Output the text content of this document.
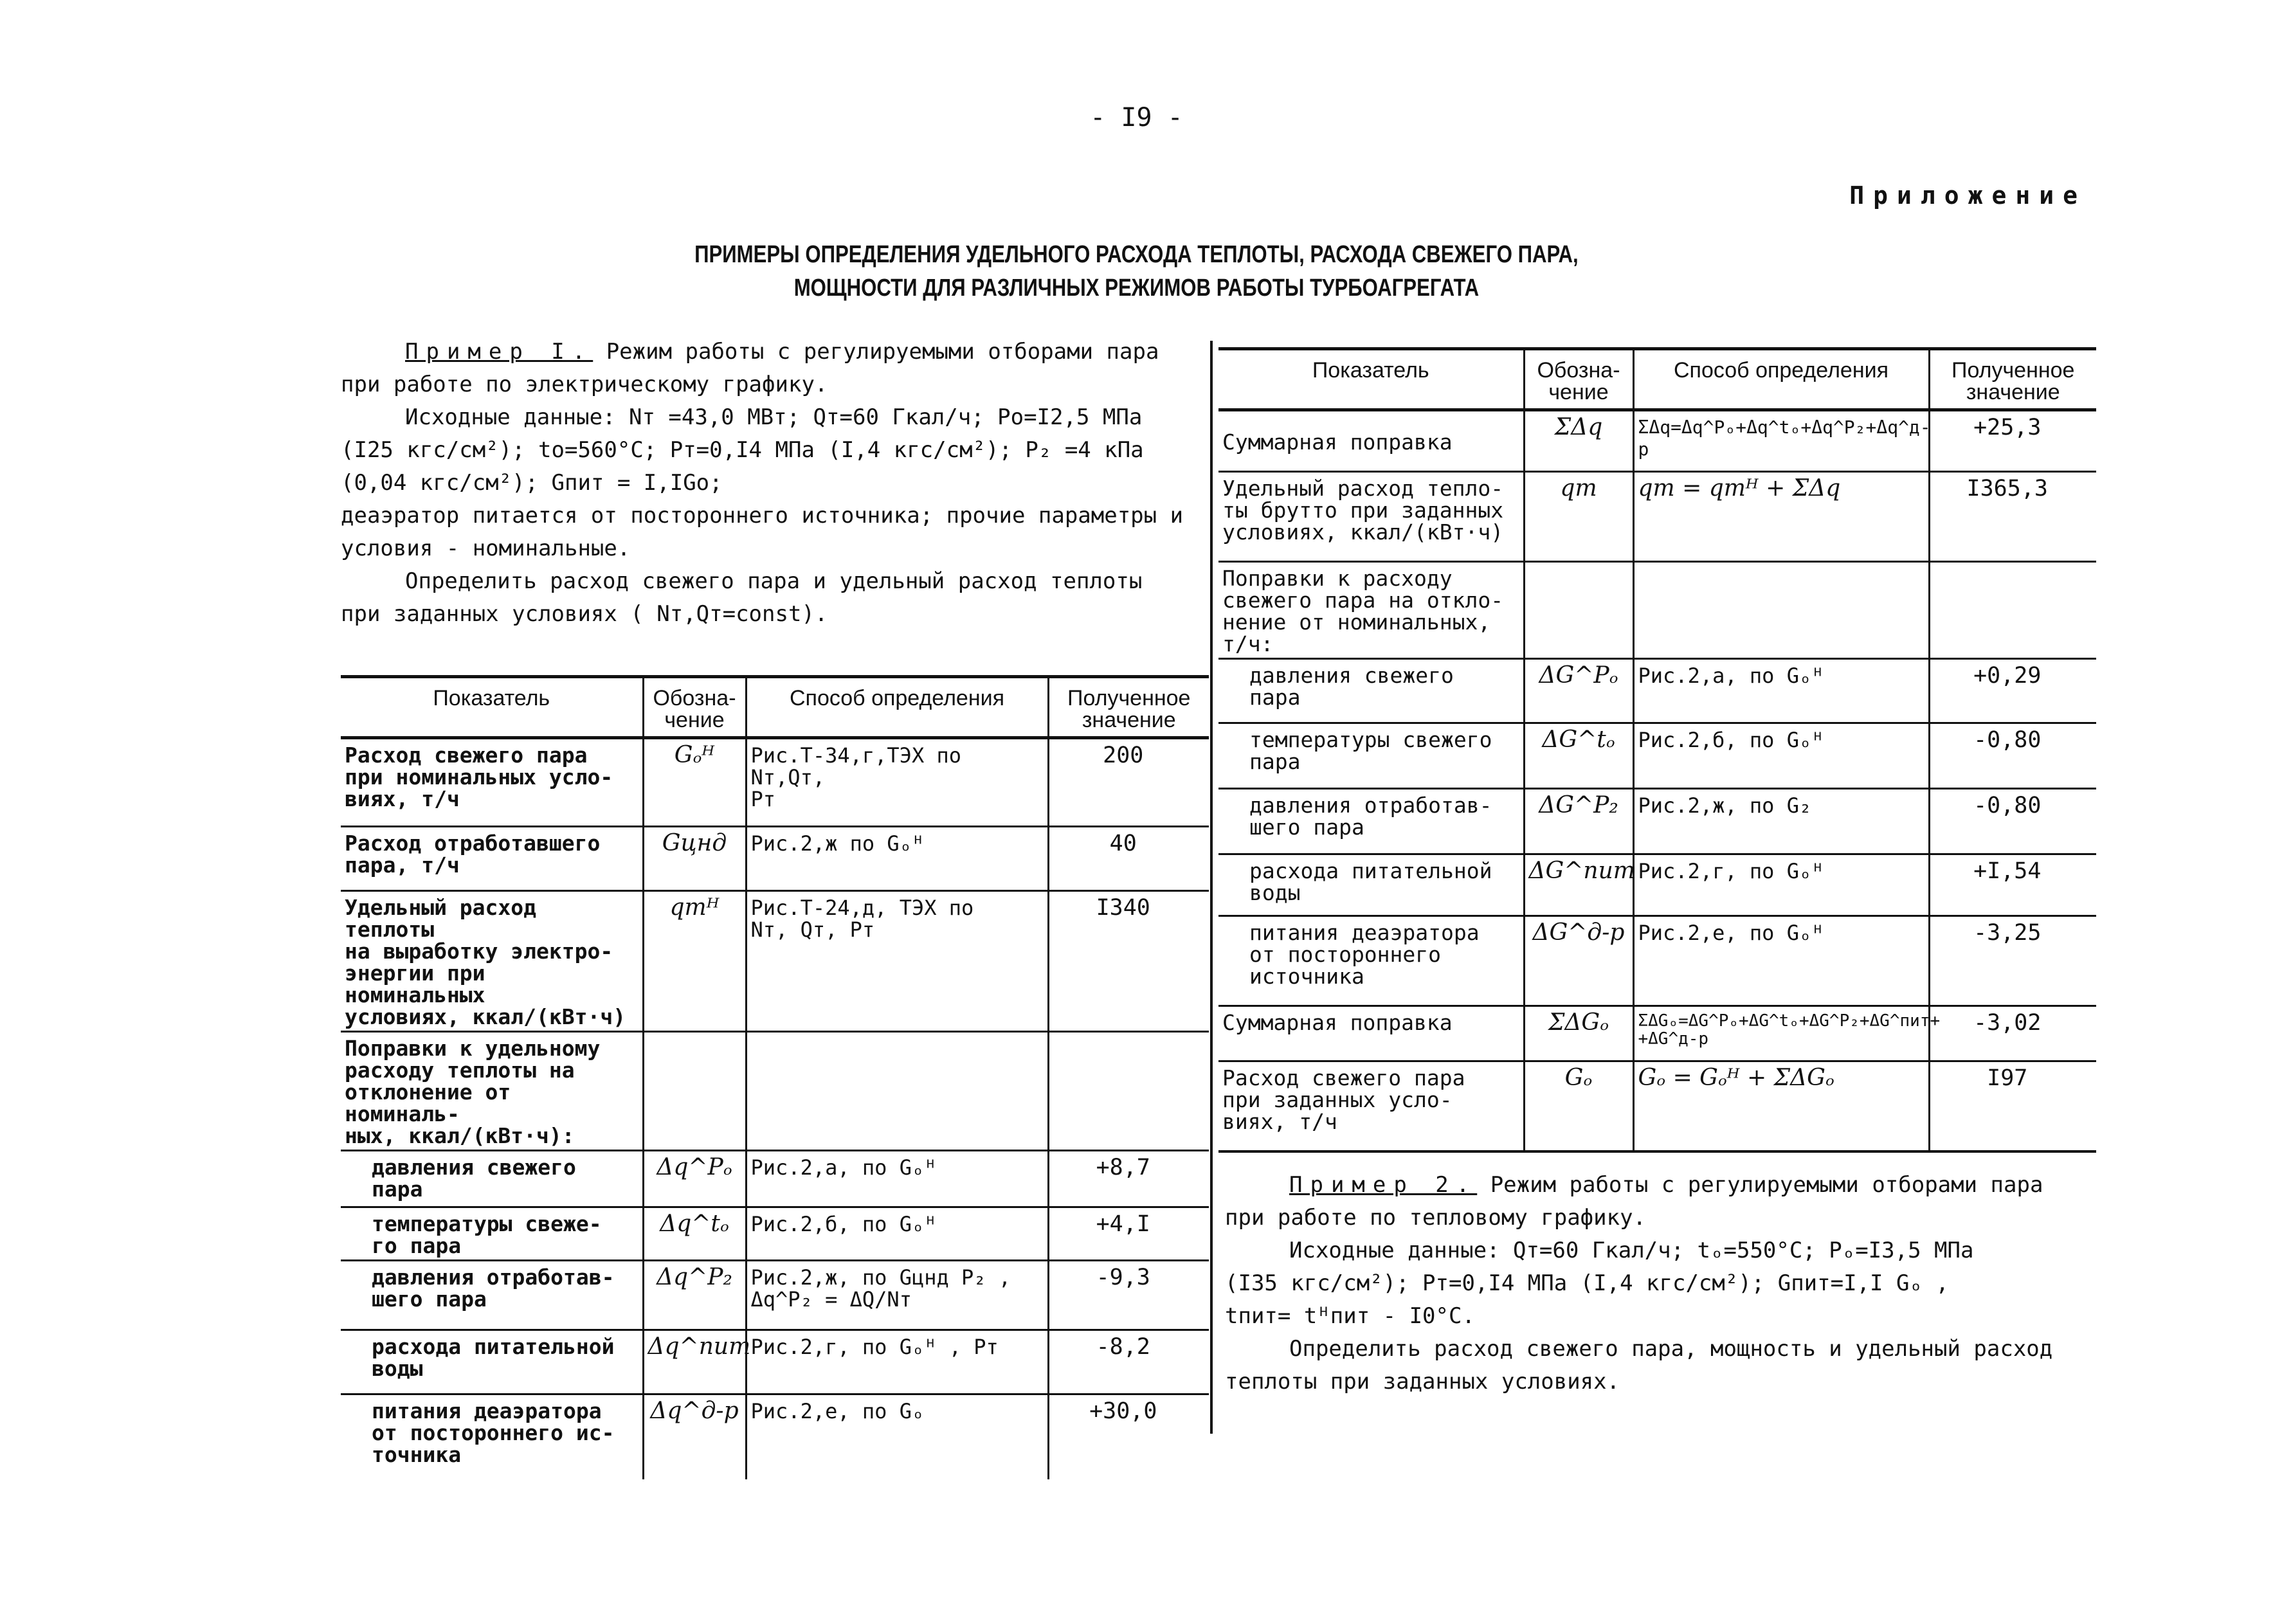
- I9 -
Приложение
ПРИМЕРЫ ОПРЕДЕЛЕНИЯ УДЕЛЬНОГО РАСХОДА ТЕПЛОТЫ, РАСХОДА СВЕЖЕГО ПАРА,
МОЩНОСТИ ДЛЯ РАЗЛИЧНЫХ РЕЖИМОВ РАБОТЫ ТУРБОАГРЕГАТА

Пример I. Режим работы с регулируемыми отборами пара

при работе по электрическому графику.

Исходные данные: Nт =43,0 МВт; Qт=60 Гкал/ч; Ро=I2,5 МПа

(I25 кгс/см²); tо=560°С; Рт=0,I4 МПа (I,4 кгс/см²); Р₂ =4 кПа

(0,04 кгс/см²); Gпит = I,IGо;

деаэратор питается от постороннего источника; прочие параметры и

условия - номинальные.

Определить расход свежего пара и удельный расход теплоты

при заданных условиях ( Nт,Qт=const).

Показатель	Обозна-
чение	Способ определения	Полученное
значение
Расход свежего пара
при номинальных усло-
виях, т/ч	Gₒᴴ	Рис.Т-34,г,ТЭХ по Nт,Qт,
Рт	200
Расход отработавшего
пара, т/ч	Gцнд	Рис.2,ж по Gₒᴴ	40
Удельный расход теплоты
на выработку электро-
энергии при номинальных
условиях, ккал/(кВт·ч)	qтᴴ	Рис.Т-24,д, ТЭХ по
Nт, Qт, Рт	I340
Поправки к удельному
расходу теплоты на
отклонение от номиналь-
ных, ккал/(кВт·ч):			
давления свежего
пара	Δq^Pₒ	Рис.2,а, по Gₒᴴ	+8,7
температуры свеже-
го пара	Δq^tₒ	Рис.2,б, по Gₒᴴ	+4,I
давления отработав-
шего пара	Δq^P₂	Рис.2,ж, по Gцнд P₂ ,
Δq^P₂ = ΔQ/Nт	-9,3
расхода питательной
воды	Δq^пит	Рис.2,г, по Gₒᴴ , Рт	-8,2
питания деаэратора
от постороннего ис-
точника	Δq^д-р	Рис.2,е, по Gₒ	+30,0
Показатель	Обозна-
чение	Способ определения	Полученное
значение
Суммарная поправка	ΣΔq	ΣΔq=Δq^Pₒ+Δq^tₒ+Δq^P₂+Δq^д-р	+25,3
Удельный расход тепло-
ты брутто при заданных
условиях, ккал/(кВт·ч)	qт	qт = qтᴴ + ΣΔq	I365,3
Поправки к расходу
свежего пара на откло-
нение от номинальных,
т/ч:			
давления свежего
пара	ΔG^Pₒ	Рис.2,а, по Gₒᴴ	+0,29
температуры свежего
пара	ΔG^tₒ	Рис.2,б, по Gₒᴴ	-0,80
давления отработав-
шего пара	ΔG^P₂	Рис.2,ж, по G₂	-0,80
расхода питательной
воды	ΔG^пит	Рис.2,г, по Gₒᴴ	+I,54
питания деаэратора
от постороннего
источника	ΔG^д-р	Рис.2,е, по Gₒᴴ	-3,25
Суммарная поправка	ΣΔGₒ	ΣΔGₒ=ΔG^Pₒ+ΔG^tₒ+ΔG^P₂+ΔG^пит+
+ΔG^д-р	-3,02
Расход свежего пара
при заданных усло-
виях, т/ч	Gₒ	Gₒ = Gₒᴴ + ΣΔGₒ	I97

Пример 2. Режим работы с регулируемыми отборами пара

при работе по тепловому графику.

Исходные данные: Qт=60 Гкал/ч; tₒ=550°С; Рₒ=I3,5 МПа

(I35 кгс/см²); Рт=0,I4 МПа (I,4 кгс/см²); Gпит=I,I Gₒ ,

tпит= tᴴпит - I0°С.

Определить расход свежего пара, мощность и удельный расход

теплоты при заданных условиях.
